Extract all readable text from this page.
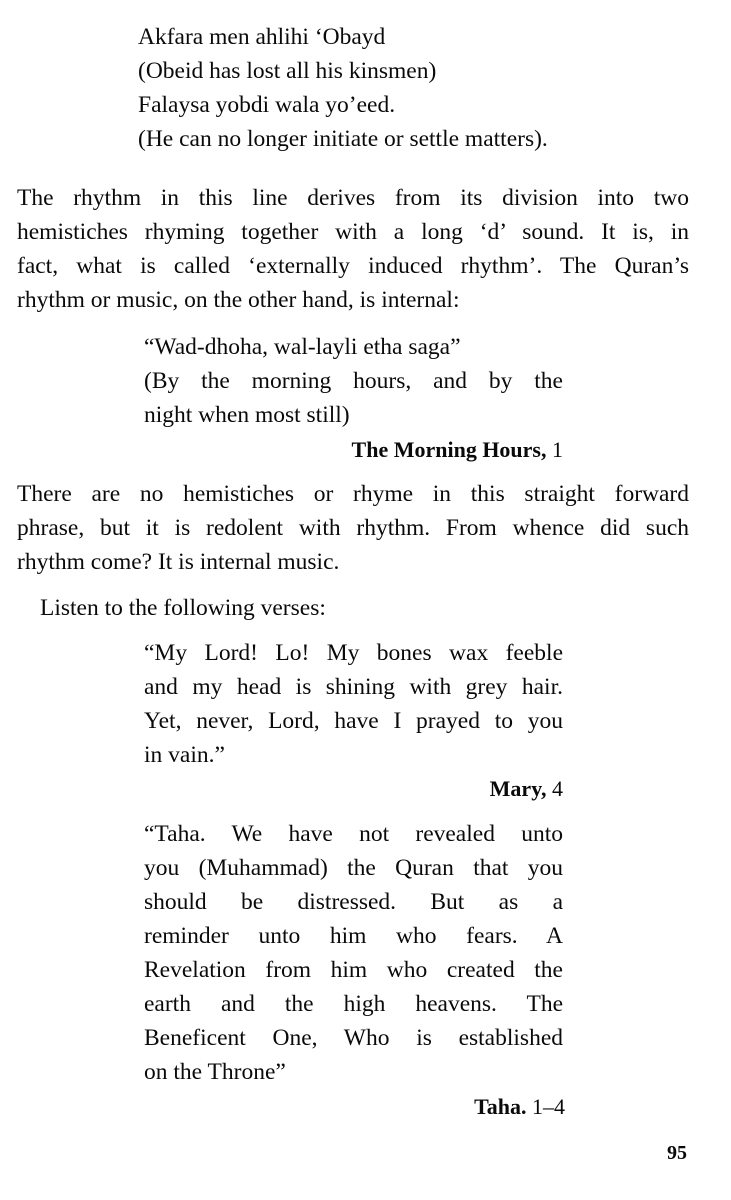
Akfara men ahlihi ‘Obayd
(Obeid has lost all his kinsmen)
Falaysa yobdi wala yo’eed.
(He can no longer initiate or settle matters).
The rhythm in this line derives from its division into two
hemistiches rhyming together with a long ‘d’ sound. It is, in
fact, what is called ‘externally induced rhythm’. The Quran’s
rhythm or music, on the other hand, is internal:
“Wad-dhoha, wal-layli etha saga”
(By the morning hours, and by the
night when most still)
The Morning Hours, 1
There are no hemistiches or rhyme in this straight forward
phrase, but it is redolent with rhythm. From whence did such
rhythm come? It is internal music.
Listen to the following verses:
“My Lord! Lo! My bones wax feeble
and my head is shining with grey hair.
Yet, never, Lord, have I prayed to you
in vain.”
Mary, 4
“Taha. We have not revealed unto
you (Muhammad) the Quran that you
should be distressed. But as a
reminder unto him who fears. A
Revelation from him who created the
earth and the high heavens. The
Beneficent One, Who is established
on the Throne”
Taha. 1–4
95
